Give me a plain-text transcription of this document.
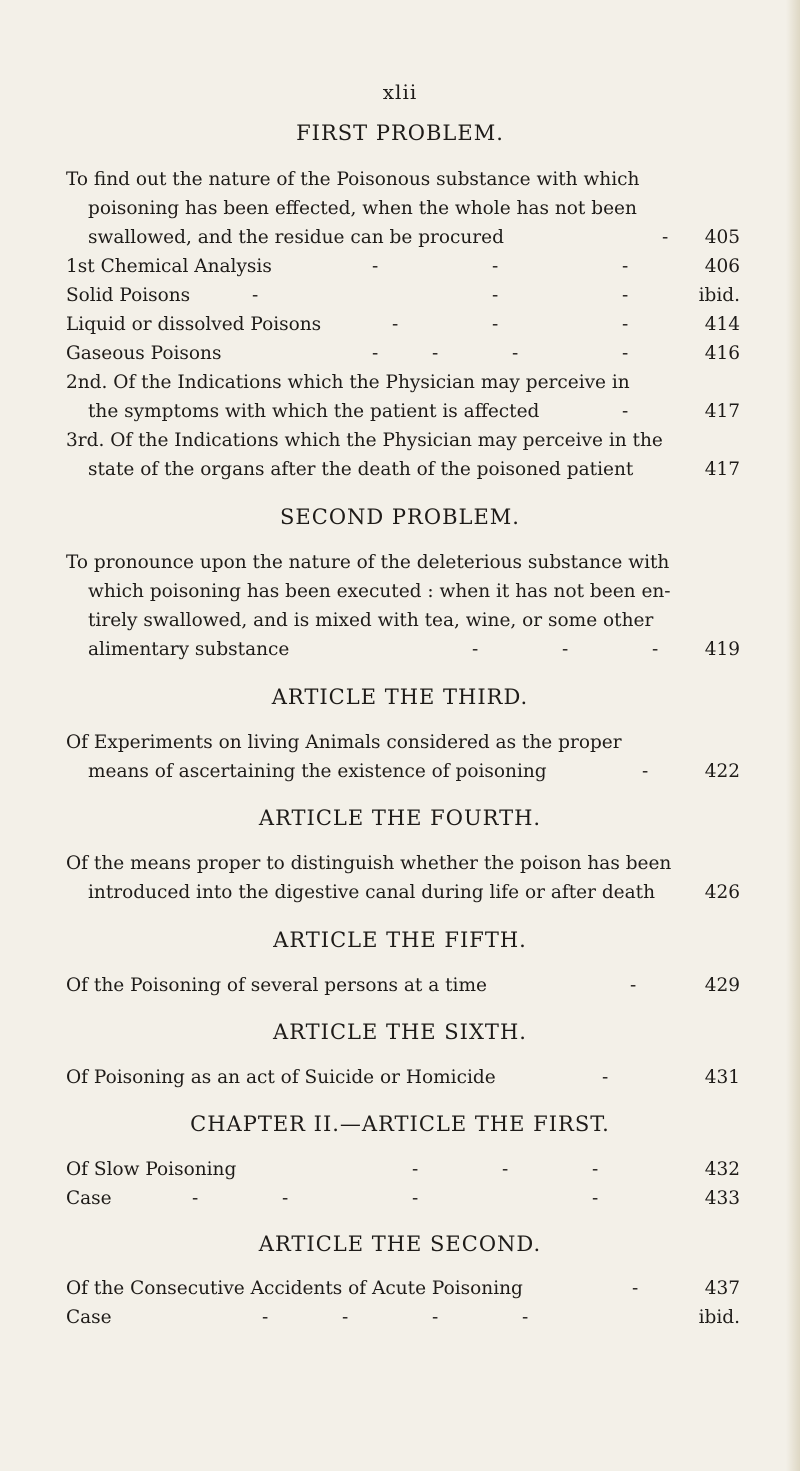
xlii
FIRST PROBLEM.
To find out the nature of the Poisonous substance with which
poisoning has been effected, when the whole has not been
swallowed, and the residue can be procured	- 405
1st Chemical Analysis	-	-	-	406
Solid Poisons	-	-	-	ibid.
Liquid or dissolved Poisons	-	-	-	414
Gaseous Poisons	-	-	-	-	416
2nd. Of the Indications which the Physician may perceive in
the symptoms with which the patient is affected	-	417
3rd. Of the Indications which the Physician may perceive in the
state of the organs after the death of the poisoned patient	417
SECOND PROBLEM.
To pronounce upon the nature of the deleterious substance with
which poisoning has been executed : when it has not been en-
tirely swallowed, and is mixed with tea, wine, or some other
alimentary substance	-	-	-	419
ARTICLE THE THIRD.
Of Experiments on living Animals considered as the proper
means of ascertaining the existence of poisoning	-	422
ARTICLE THE FOURTH.
Of the means proper to distinguish whether the poison has been
introduced into the digestive canal during life or after death	426
ARTICLE THE FIFTH.
Of the Poisoning of several persons at a time	-	429
ARTICLE THE SIXTH.
Of Poisoning as an act of Suicide or Homicide	-	431
CHAPTER II.—ARTICLE THE FIRST.
Of Slow Poisoning	-	-	-	432
Case	-	-	-	-	433
ARTICLE THE SECOND.
Of the Consecutive Accidents of Acute Poisoning	-	437
Case	-	-	-	-	ibid.
